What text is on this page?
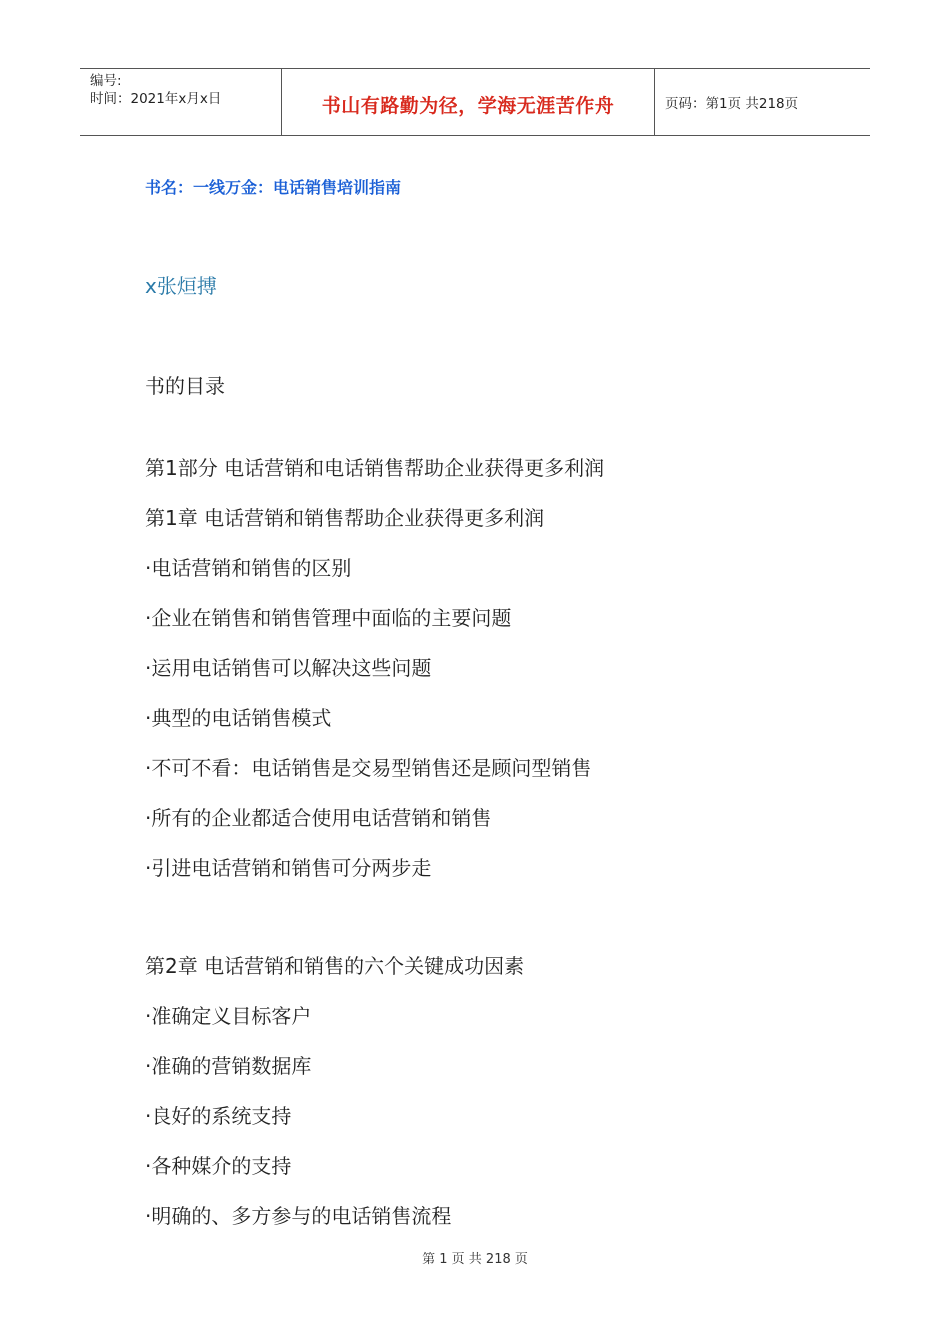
编号:
时间：2021年x月x日	书山有路勤为径，学海无涯苦作舟	页码：第1页 共218页
书名：一线万金：电话销售培训指南
x张烜搏
书的目录
第1部分 电话营销和电话销售帮助企业获得更多利润
第1章 电话营销和销售帮助企业获得更多利润
·电话营销和销售的区别
·企业在销售和销售管理中面临的主要问题
·运用电话销售可以解决这些问题
·典型的电话销售模式
·不可不看：电话销售是交易型销售还是顾问型销售
·所有的企业都适合使用电话营销和销售
·引进电话营销和销售可分两步走
第2章 电话营销和销售的六个关键成功因素
·准确定义目标客户
·准确的营销数据库
·良好的系统支持
·各种媒介的支持
·明确的、多方参与的电话销售流程
第 1 页 共 218 页
